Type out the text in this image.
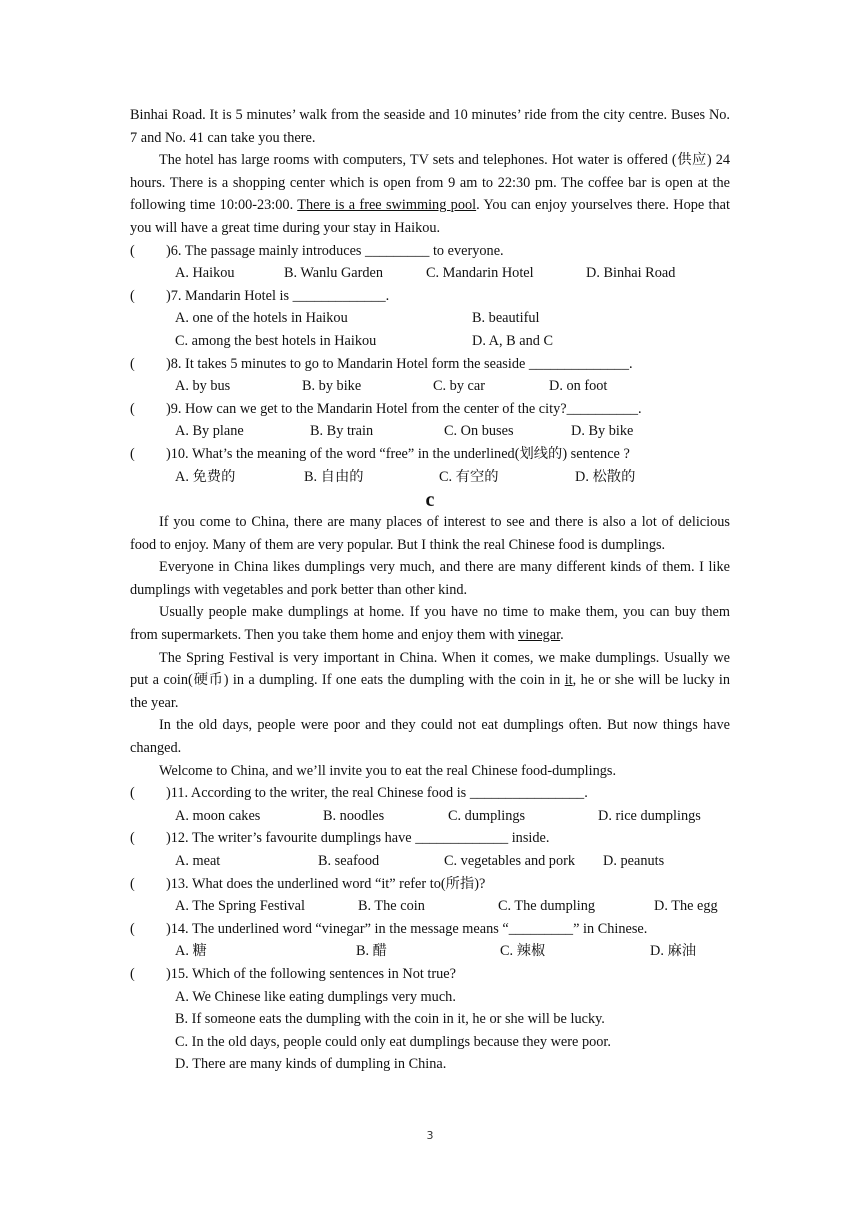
Binhai Road. It is 5 minutes’ walk from the seaside and 10 minutes’ ride from the city centre. Buses No. 7 and No. 41 can take you there.

The hotel has large rooms with computers, TV sets and telephones. Hot water is offered (供应) 24 hours. There is a shopping center which is open from 9 am to 22:30 pm. The coffee bar is open at the following time 10:00-23:00. There is a free swimming pool. You can enjoy yourselves there. Hope that you will have a great time during your stay in Haikou.

(	)6. The passage mainly introduces _________ to everyone.

A. Haikou	B. Wanlu Garden	C. Mandarin Hotel	D. Binhai Road

(	)7. Mandarin Hotel is _____________.

A. one of the hotels in Haikou	B. beautiful

C. among the best hotels in Haikou	D. A, B and C

(	)8. It takes 5 minutes to go to Mandarin Hotel form the seaside ______________.

A. by bus	B. by bike	C. by car	D. on foot

(	)9. How can we get to the Mandarin Hotel from the center of the city?__________.

A. By plane	B. By train	C. On buses	D. By bike

(	)10. What’s the meaning of the word “free” in the underlined(划线的) sentence ?

A. 免费的	B. 自由的	C. 有空的	D. 松散的

c

If you come to China, there are many places of interest to see and there is also a lot of delicious food to enjoy. Many of them are very popular. But I think the real Chinese food is dumplings.

Everyone in China likes dumplings very much, and there are many different kinds of them. I like dumplings with vegetables and pork better than other kind.

Usually people make dumplings at home. If you have no time to make them, you can buy them from supermarkets. Then you take them home and enjoy them with vinegar.

The Spring Festival is very important in China. When it comes, we make dumplings. Usually we put a coin(硬币) in a dumpling. If one eats the dumpling with the coin in it, he or she will be lucky in the year.

In the old days, people were poor and they could not eat dumplings often. But now things have changed.

Welcome to China, and we’ll invite you to eat the real Chinese food-dumplings.

(	)11. According to the writer, the real Chinese food is ________________.

A. moon cakes	B. noodles	C. dumplings	D. rice dumplings

(	)12. The writer’s favourite dumplings have _____________ inside.

A. meat	B. seafood	C. vegetables and pork	D. peanuts

(	)13. What does the underlined word “it” refer to(所指)?

A. The Spring Festival	B. The coin	C. The dumpling	D. The egg

(	)14. The underlined word “vinegar” in the message means “_________” in Chinese.

A. 糖	B. 醋	C. 辣椒	D. 麻油

(	)15. Which of the following sentences in Not true?

A. We Chinese like eating dumplings very much.

B. If someone eats the dumpling with the coin in it, he or she will be lucky.

C. In the old days, people could only eat dumplings because they were poor.

D. There are many kinds of dumpling in China.

3
